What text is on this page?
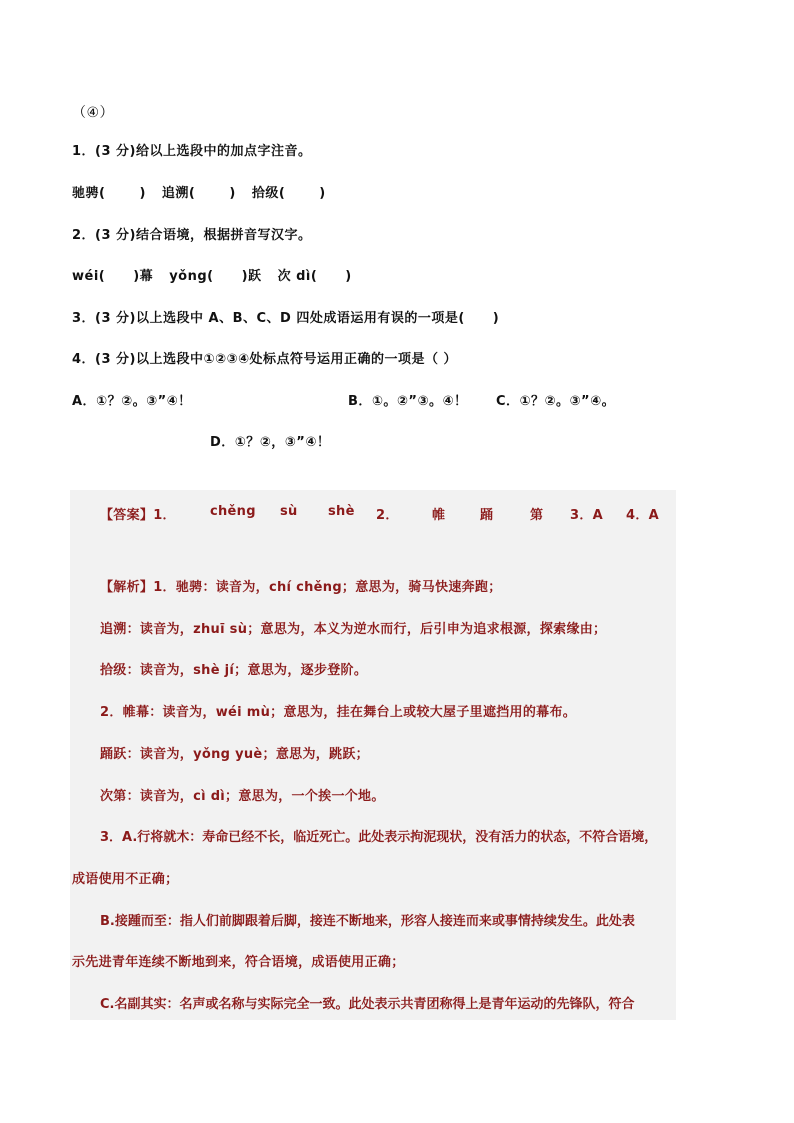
（④）
1．(3 分)给以上选段中的加点字注音。
驰骋(	) 追溯(	) 拾级(	)
2．(3 分)结合语境，根据拼音写汉字。
wéi( )幕 yǒng( )跃 次 dì( )
3．(3 分)以上选段中 A、B、C、D 四处成语运用有误的一项是( )
4．(3 分)以上选段中①②③④处标点符号运用正确的一项是（ ）
A．①？②。③”④！	B．①。②”③。④！ C．①？②。③”④。
D．①？②，③”④！
【答案】1．	chěng sù shè 2．	帷	踊	第 3．A 4．A
【解析】1．驰骋：读音为，chí chěng；意思为，骑马快速奔跑；
追溯：读音为，zhuī sù；意思为，本义为逆水而行，后引申为追求根源，探索缘由；
拾级：读音为，shè jí；意思为，逐步登阶。
2．帷幕：读音为，wéi mù；意思为，挂在舞台上或较大屋子里遮挡用的幕布。
踊跃：读音为，yǒng yuè；意思为，跳跃；
次第：读音为，cì dì；意思为，一个挨一个地。
3．A.行将就木：寿命已经不长，临近死亡。此处表示拘泥现状，没有活力的状态，不符合语境，
成语使用不正确；
B.接踵而至：指人们前脚跟着后脚，接连不断地来，形容人接连而来或事情持续发生。此处表
示先进青年连续不断地到来，符合语境，成语使用正确；
C.名副其实：名声或名称与实际完全一致。此处表示共青团称得上是青年运动的先锋队，符合
